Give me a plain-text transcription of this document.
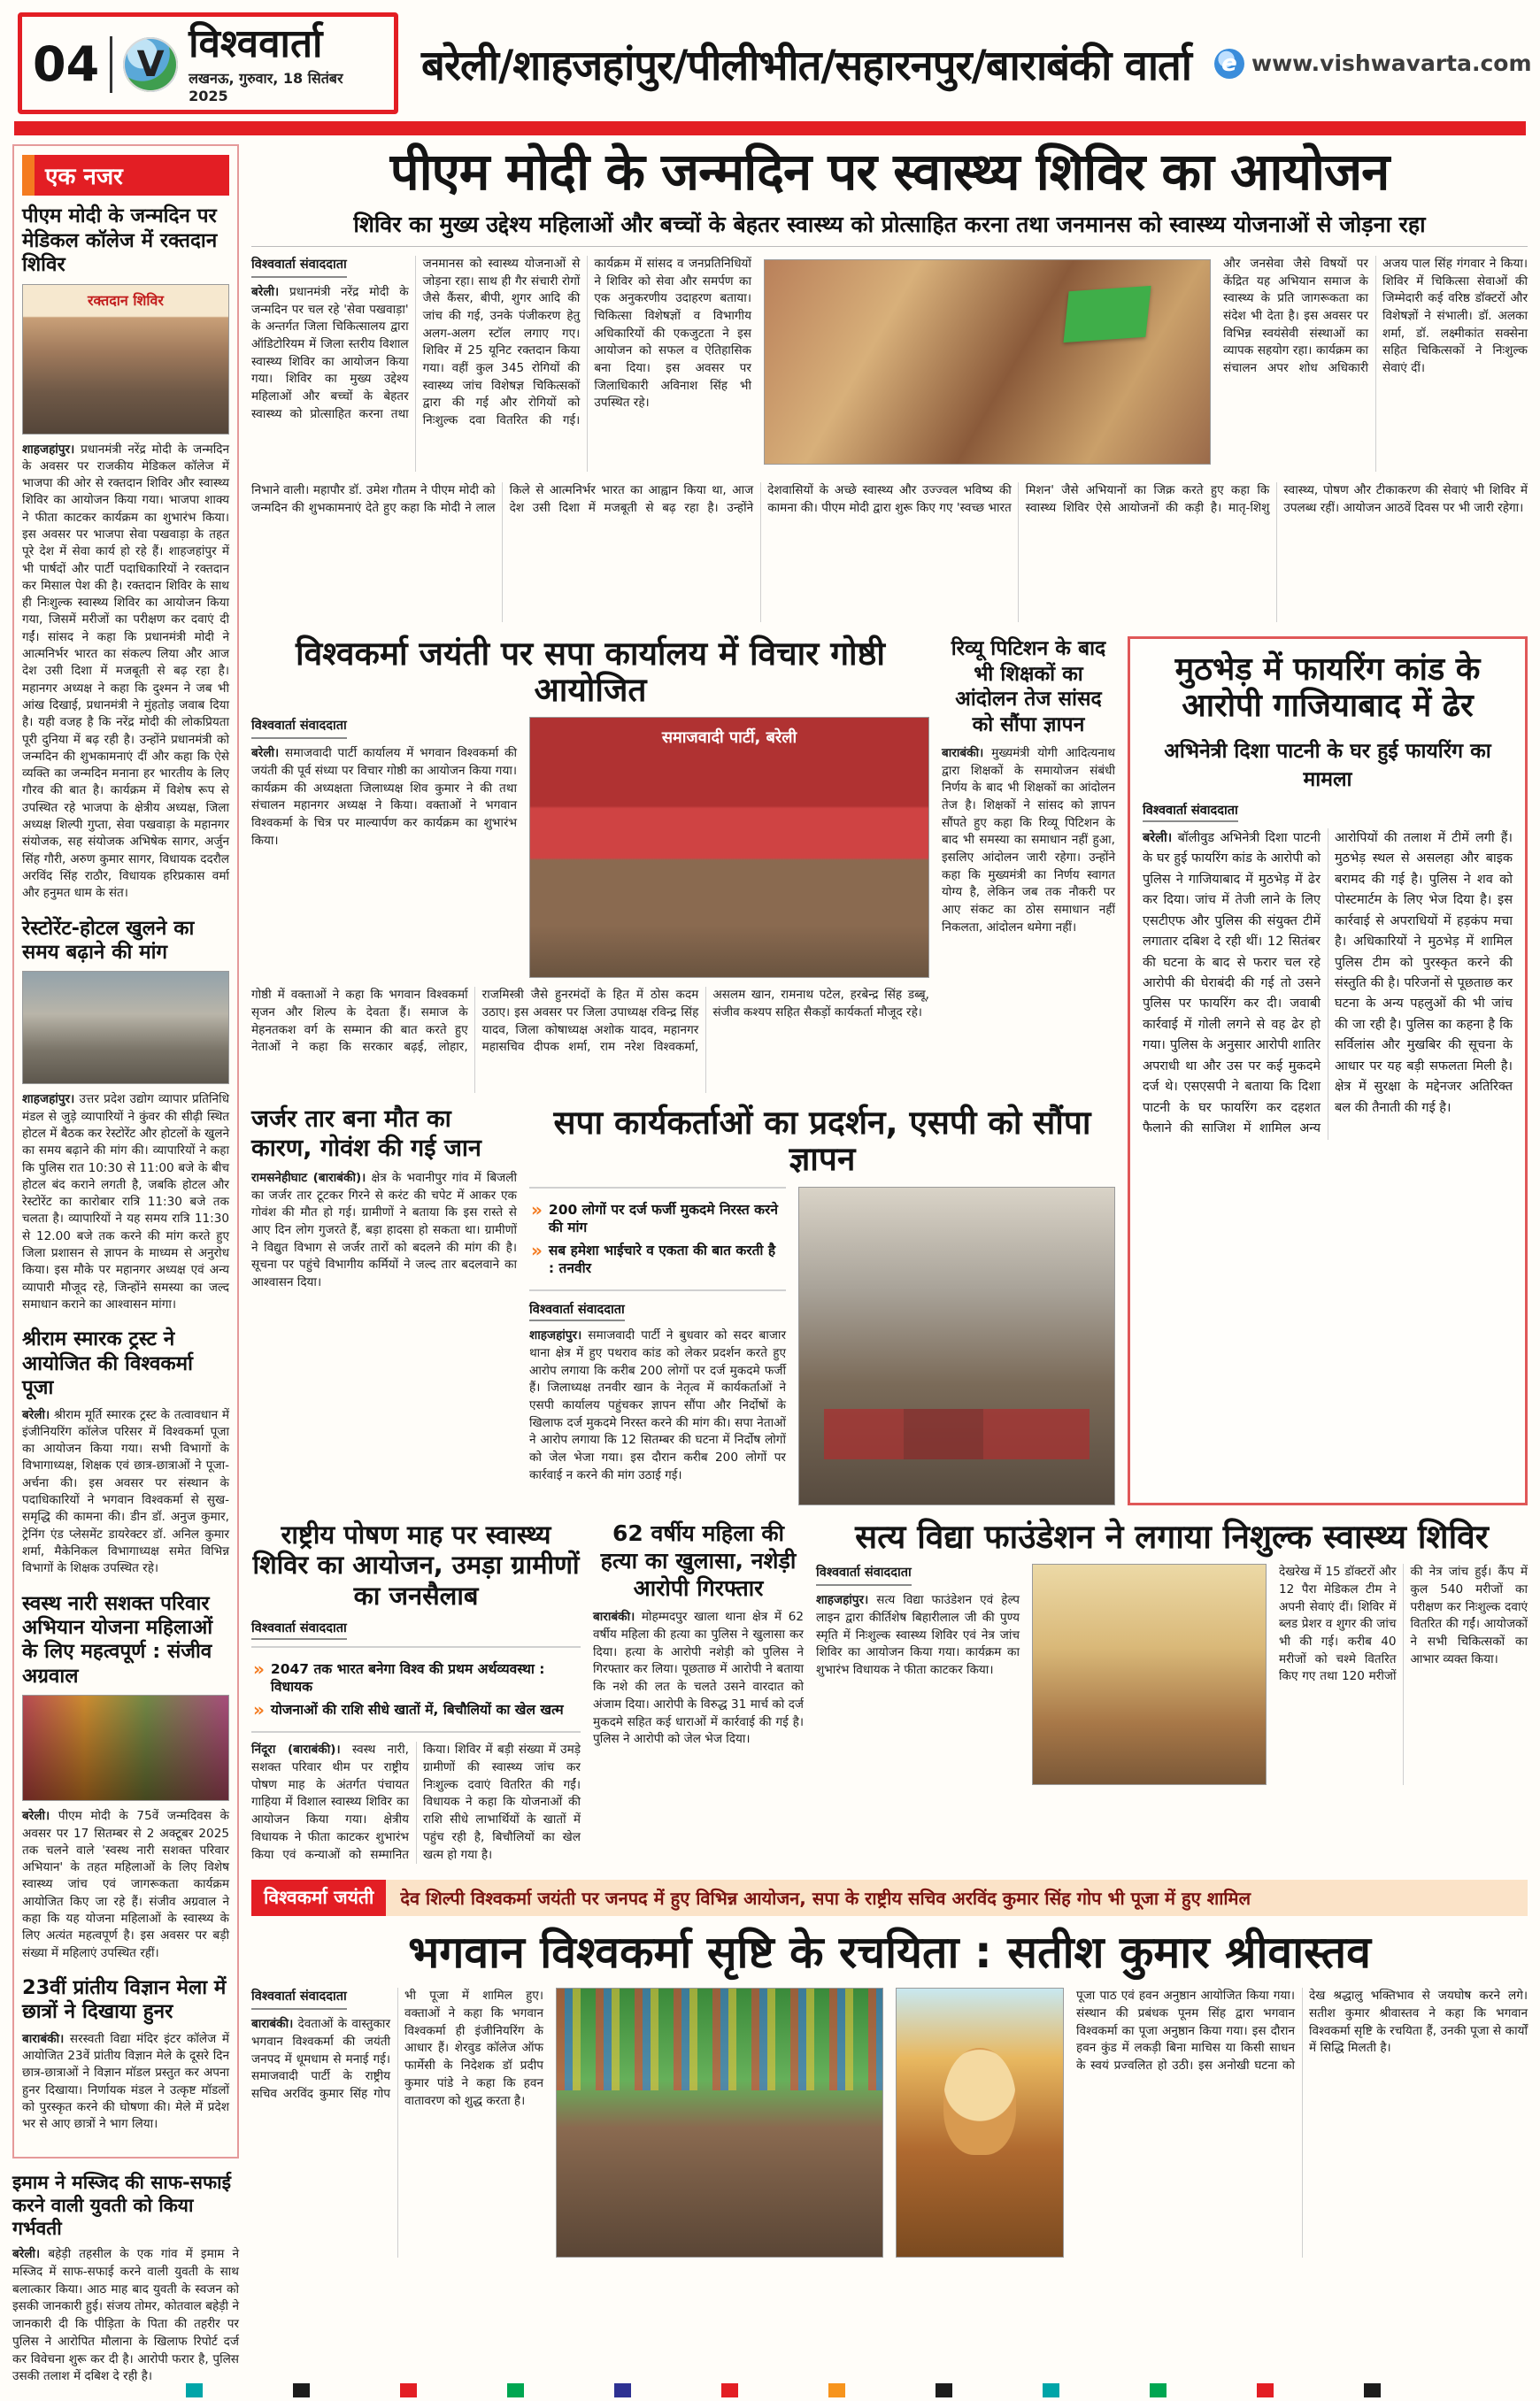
04 V विश्ववार्ता
लखनऊ, गुरुवार, 18 सितंबर 2025
बरेली/शाहजहांपुर/पीलीभीत/सहारनपुर/बाराबंकी वार्ता e	www.vishwavarta.com
एक नजर
पीएम मोदी के जन्मदिन पर मेडिकल कॉलेज में रक्तदान शिविर
रक्तदान शिविर
शाहजहांपुर। प्रधानमंत्री नरेंद्र मोदी के जन्मदिन के अवसर पर राजकीय मेडिकल कॉलेज में भाजपा की ओर से रक्तदान शिविर और स्वास्थ्य शिविर का आयोजन किया गया। भाजपा शाक्य ने फीता काटकर कार्यक्रम का शुभारंभ किया। इस अवसर पर भाजपा सेवा पखवाड़ा के तहत पूरे देश में सेवा कार्य हो रहे हैं। शाहजहांपुर में भी पार्षदों और पार्टी पदाधिकारियों ने रक्तदान कर मिसाल पेश की है। रक्तदान शिविर के साथ ही निःशुल्क स्वास्थ्य शिविर का आयोजन किया गया, जिसमें मरीजों का परीक्षण कर दवाएं दी गईं। सांसद ने कहा कि प्रधानमंत्री मोदी ने आत्मनिर्भर भारत का संकल्प लिया और आज देश उसी दिशा में मजबूती से बढ़ रहा है। महानगर अध्यक्ष ने कहा कि दुश्मन ने जब भी आंख दिखाई, प्रधानमंत्री ने मुंहतोड़ जवाब दिया है। यही वजह है कि नरेंद्र मोदी की लोकप्रियता पूरी दुनिया में बढ़ रही है। उन्होंने प्रधानमंत्री को जन्मदिन की शुभकामनाएं दीं और कहा कि ऐसे व्यक्ति का जन्मदिन मनाना हर भारतीय के लिए गौरव की बात है। कार्यक्रम में विशेष रूप से उपस्थित रहे भाजपा के क्षेत्रीय अध्यक्ष, जिला अध्यक्ष शिल्पी गुप्ता, सेवा पखवाड़ा के महानगर संयोजक, सह संयोजक अभिषेक सागर, अर्जुन सिंह गौरी, अरुण कुमार सागर, विधायक ददरौल अरविंद सिंह राठौर, विधायक हरिप्रकास वर्मा और हनुमत धाम के संत।
रेस्टोरेंट-होटल खुलने का समय बढ़ाने की मांग
शाहजहांपुर। उत्तर प्रदेश उद्योग व्यापार प्रतिनिधि मंडल से जुड़े व्यापारियों ने कुंवर की सीढ़ी स्थित होटल में बैठक कर रेस्टोरेंट और होटलों के खुलने का समय बढ़ाने की मांग की। व्यापारियों ने कहा कि पुलिस रात 10:30 से 11:00 बजे के बीच होटल बंद कराने लगती है, जबकि होटल और रेस्टोरेंट का कारोबार रात्रि 11:30 बजे तक चलता है। व्यापारियों ने यह समय रात्रि 11:30 से 12.00 बजे तक करने की मांग करते हुए जिला प्रशासन से ज्ञापन के माध्यम से अनुरोध किया। इस मौके पर महानगर अध्यक्ष एवं अन्य व्यापारी मौजूद रहे, जिन्होंने समस्या का जल्द समाधान कराने का आश्वासन मांगा।
श्रीराम स्मारक ट्रस्ट ने आयोजित की विश्वकर्मा पूजा
बरेली। श्रीराम मूर्ति स्मारक ट्रस्ट के तत्वावधान में इंजीनियरिंग कॉलेज परिसर में विश्वकर्मा पूजा का आयोजन किया गया। सभी विभागों के विभागाध्यक्ष, शिक्षक एवं छात्र-छात्राओं ने पूजा-अर्चना की। इस अवसर पर संस्थान के पदाधिकारियों ने भगवान विश्वकर्मा से सुख-समृद्धि की कामना की। डीन डॉ. अनुज कुमार, ट्रेनिंग एंड प्लेसमेंट डायरेक्टर डॉ. अनिल कुमार शर्मा, मैकेनिकल विभागाध्यक्ष समेत विभिन्न विभागों के शिक्षक उपस्थित रहे।
स्वस्थ नारी सशक्त परिवार अभियान योजना महिलाओं के लिए महत्वपूर्ण : संजीव अग्रवाल
बरेली। पीएम मोदी के 75वें जन्मदिवस के अवसर पर 17 सितम्बर से 2 अक्टूबर 2025 तक चलने वाले 'स्वस्थ नारी सशक्त परिवार अभियान' के तहत महिलाओं के लिए विशेष स्वास्थ्य जांच एवं जागरूकता कार्यक्रम आयोजित किए जा रहे हैं। संजीव अग्रवाल ने कहा कि यह योजना महिलाओं के स्वास्थ्य के लिए अत्यंत महत्वपूर्ण है। इस अवसर पर बड़ी संख्या में महिलाएं उपस्थित रहीं।
23वीं प्रांतीय विज्ञान मेला में छात्रों ने दिखाया हुनर
बाराबंकी। सरस्वती विद्या मंदिर इंटर कॉलेज में आयोजित 23वें प्रांतीय विज्ञान मेले के दूसरे दिन छात्र-छात्राओं ने विज्ञान मॉडल प्रस्तुत कर अपना हुनर दिखाया। निर्णायक मंडल ने उत्कृष्ट मॉडलों को पुरस्कृत करने की घोषणा की। मेले में प्रदेश भर से आए छात्रों ने भाग लिया।
इमाम ने मस्जिद की साफ-सफाई करने वाली युवती को किया गर्भवती
बरेली। बहेड़ी तहसील के एक गांव में इमाम ने मस्जिद में साफ-सफाई करने वाली युवती के साथ बलात्कार किया। आठ माह बाद युवती के स्वजन को इसकी जानकारी हुई। संजय तोमर, कोतवाल बहेड़ी ने जानकारी दी कि पीड़िता के पिता की तहरीर पर पुलिस ने आरोपित मौलाना के खिलाफ रिपोर्ट दर्ज कर विवेचना शुरू कर दी है। आरोपी फरार है, पुलिस उसकी तलाश में दबिश दे रही है।
पीएम मोदी के जन्मदिन पर स्वास्थ्य शिविर का आयोजन
शिविर का मुख्य उद्देश्य महिलाओं और बच्चों के बेहतर स्वास्थ्य को प्रोत्साहित करना तथा जनमानस को स्वास्थ्य योजनाओं से जोड़ना रहा
विश्ववार्ता संवाददाता
बरेली। प्रधानमंत्री नरेंद्र मोदी के जन्मदिन पर चल रहे 'सेवा पखवाड़ा' के अन्तर्गत जिला चिकित्सालय द्वारा ऑडिटोरियम में जिला स्तरीय विशाल स्वास्थ्य शिविर का आयोजन किया गया। शिविर का मुख्य उद्देश्य महिलाओं और बच्चों के बेहतर स्वास्थ्य को प्रोत्साहित करना तथा जनमानस को स्वास्थ्य योजनाओं से जोड़ना रहा। साथ ही गैर संचारी रोगों जैसे कैंसर, बीपी, शुगर आदि की जांच की गई, उनके पंजीकरण हेतु अलग-अलग स्टॉल लगाए गए। शिविर में 25 यूनिट रक्तदान किया गया। वहीं कुल 345 रोगियों की स्वास्थ्य जांच विशेषज्ञ चिकित्सकों द्वारा की गई और रोगियों को निःशुल्क दवा वितरित की गई। कार्यक्रम में सांसद व जनप्रतिनिधियों ने शिविर को सेवा और समर्पण का एक अनुकरणीय उदाहरण बताया। चिकित्सा विशेषज्ञों व विभागीय अधिकारियों की एकजुटता ने इस आयोजन को सफल व ऐतिहासिक बना दिया। इस अवसर पर जिलाधिकारी अविनाश सिंह भी उपस्थित रहे।
और जनसेवा जैसे विषयों पर केंद्रित यह अभियान समाज के स्वास्थ्य के प्रति जागरूकता का संदेश भी देता है। इस अवसर पर विभिन्न स्वयंसेवी संस्थाओं का व्यापक सहयोग रहा। कार्यक्रम का संचालन अपर शोध अधिकारी अजय पाल सिंह गंगवार ने किया। शिविर में चिकित्सा सेवाओं की जिम्मेदारी कई वरिष्ठ डॉक्टरों और विशेषज्ञों ने संभाली। डॉ. अलका शर्मा, डॉ. लक्ष्मीकांत सक्सेना सहित चिकित्सकों ने निःशुल्क सेवाएं दीं।
निभाने वाली। महापौर डॉ. उमेश गौतम ने पीएम मोदी को जन्मदिन की शुभकामनाएं देते हुए कहा कि मोदी ने लाल किले से आत्मनिर्भर भारत का आह्वान किया था, आज देश उसी दिशा में मजबूती से बढ़ रहा है। उन्होंने देशवासियों के अच्छे स्वास्थ्य और उज्ज्वल भविष्य की कामना की। पीएम मोदी द्वारा शुरू किए गए 'स्वच्छ भारत मिशन' जैसे अभियानों का जिक्र करते हुए कहा कि स्वास्थ्य शिविर ऐसे आयोजनों की कड़ी है। मातृ-शिशु स्वास्थ्य, पोषण और टीकाकरण की सेवाएं भी शिविर में उपलब्ध रहीं। आयोजन आठवें दिवस पर भी जारी रहेगा।
विश्वकर्मा जयंती पर सपा कार्यालय में विचार गोष्ठी आयोजित
विश्ववार्ता संवाददाता
बरेली। समाजवादी पार्टी कार्यालय में भगवान विश्वकर्मा की जयंती की पूर्व संध्या पर विचार गोष्ठी का आयोजन किया गया। कार्यक्रम की अध्यक्षता जिलाध्यक्ष शिव कुमार ने की तथा संचालन महानगर अध्यक्ष ने किया। वक्ताओं ने भगवान विश्वकर्मा के चित्र पर माल्यार्पण कर कार्यक्रम का शुभारंभ किया।
समाजवादी पार्टी, बरेली
गोष्ठी में वक्ताओं ने कहा कि भगवान विश्वकर्मा सृजन और शिल्प के देवता हैं। समाज के मेहनतकश वर्ग के सम्मान की बात करते हुए नेताओं ने कहा कि सरकार बढ़ई, लोहार, राजमिस्त्री जैसे हुनरमंदों के हित में ठोस कदम उठाए। इस अवसर पर जिला उपाध्यक्ष रविन्द्र सिंह यादव, जिला कोषाध्यक्ष अशोक यादव, महानगर महासचिव दीपक शर्मा, राम नरेश विश्वकर्मा, असलम खान, रामनाथ पटेल, हरबेन्द्र सिंह डब्बू, संजीव कश्यप सहित सैकड़ों कार्यकर्ता मौजूद रहे।
रिव्यू पिटिशन के बाद भी शिक्षकों का आंदोलन तेज सांसद को सौंपा ज्ञापन
बाराबंकी। मुख्यमंत्री योगी आदित्यनाथ द्वारा शिक्षकों के समायोजन संबंधी निर्णय के बाद भी शिक्षकों का आंदोलन तेज है। शिक्षकों ने सांसद को ज्ञापन सौंपते हुए कहा कि रिव्यू पिटिशन के बाद भी समस्या का समाधान नहीं हुआ, इसलिए आंदोलन जारी रहेगा। उन्होंने कहा कि मुख्यमंत्री का निर्णय स्वागत योग्य है, लेकिन जब तक नौकरी पर आए संकट का ठोस समाधान नहीं निकलता, आंदोलन थमेगा नहीं।
जर्जर तार बना मौत का कारण, गोवंश की गई जान
रामसनेहीघाट (बाराबंकी)। क्षेत्र के भवानीपुर गांव में बिजली का जर्जर तार टूटकर गिरने से करंट की चपेट में आकर एक गोवंश की मौत हो गई। ग्रामीणों ने बताया कि इस रास्ते से आए दिन लोग गुजरते हैं, बड़ा हादसा हो सकता था। ग्रामीणों ने विद्युत विभाग से जर्जर तारों को बदलने की मांग की है। सूचना पर पहुंचे विभागीय कर्मियों ने जल्द तार बदलवाने का आश्वासन दिया।
सपा कार्यकर्ताओं का प्रदर्शन, एसपी को सौंपा ज्ञापन
» 200 लोगों पर दर्ज फर्जी मुकदमे निरस्त करने की मांग
» सब हमेशा भाईचारे व एकता की बात करती है : तनवीर
विश्ववार्ता संवाददाता
शाहजहांपुर। समाजवादी पार्टी ने बुधवार को सदर बाजार थाना क्षेत्र में हुए पथराव कांड को लेकर प्रदर्शन करते हुए आरोप लगाया कि करीब 200 लोगों पर दर्ज मुकदमे फर्जी हैं। जिलाध्यक्ष तनवीर खान के नेतृत्व में कार्यकर्ताओं ने एसपी कार्यालय पहुंचकर ज्ञापन सौंपा और निर्दोषों के खिलाफ दर्ज मुकदमे निरस्त करने की मांग की। सपा नेताओं ने आरोप लगाया कि 12 सितम्बर की घटना में निर्दोष लोगों को जेल भेजा गया। इस दौरान करीब 200 लोगों पर कार्रवाई न करने की मांग उठाई गई।
मुठभेड़ में फायरिंग कांड के आरोपी गाजियाबाद में ढेर
अभिनेत्री दिशा पाटनी के घर हुई फायरिंग का मामला
विश्ववार्ता संवाददाता
बरेली। बॉलीवुड अभिनेत्री दिशा पाटनी के घर हुई फायरिंग कांड के आरोपी को पुलिस ने गाजियाबाद में मुठभेड़ में ढेर कर दिया। जांच में तेजी लाने के लिए एसटीएफ और पुलिस की संयुक्त टीमें लगातार दबिश दे रही थीं। 12 सितंबर की घटना के बाद से फरार चल रहे आरोपी की घेराबंदी की गई तो उसने पुलिस पर फायरिंग कर दी। जवाबी कार्रवाई में गोली लगने से वह ढेर हो गया। पुलिस के अनुसार आरोपी शातिर अपराधी था और उस पर कई मुकदमे दर्ज थे। एसएसपी ने बताया कि दिशा पाटनी के घर फायरिंग कर दहशत फैलाने की साजिश में शामिल अन्य आरोपियों की तलाश में टीमें लगी हैं। मुठभेड़ स्थल से असलहा और बाइक बरामद की गई है। पुलिस ने शव को पोस्टमार्टम के लिए भेज दिया है। इस कार्रवाई से अपराधियों में हड़कंप मचा है। अधिकारियों ने मुठभेड़ में शामिल पुलिस टीम को पुरस्कृत करने की संस्तुति की है। परिजनों से पूछताछ कर घटना के अन्य पहलुओं की भी जांच की जा रही है। पुलिस का कहना है कि सर्विलांस और मुखबिर की सूचना के आधार पर यह बड़ी सफलता मिली है। क्षेत्र में सुरक्षा के मद्देनजर अतिरिक्त बल की तैनाती की गई है।
राष्ट्रीय पोषण माह पर स्वास्थ्य शिविर का आयोजन, उमड़ा ग्रामीणों का जनसैलाब
विश्ववार्ता संवाददाता
» 2047 तक भारत बनेगा विश्व की प्रथम अर्थव्यवस्था : विधायक
» योजनाओं की राशि सीधे खातों में, बिचौलियों का खेल खत्म
निंदूरा (बाराबंकी)। स्वस्थ नारी, सशक्त परिवार थीम पर राष्ट्रीय पोषण माह के अंतर्गत पंचायत गाहिया में विशाल स्वास्थ्य शिविर का आयोजन किया गया। क्षेत्रीय विधायक ने फीता काटकर शुभारंभ किया एवं कन्याओं को सम्मानित किया। शिविर में बड़ी संख्या में उमड़े ग्रामीणों की स्वास्थ्य जांच कर निःशुल्क दवाएं वितरित की गईं। विधायक ने कहा कि योजनाओं की राशि सीधे लाभार्थियों के खातों में पहुंच रही है, बिचौलियों का खेल खत्म हो गया है।
62 वर्षीय महिला की हत्या का खुलासा, नशेड़ी आरोपी गिरफ्तार
बाराबंकी। मोहम्मदपुर खाला थाना क्षेत्र में 62 वर्षीय महिला की हत्या का पुलिस ने खुलासा कर दिया। हत्या के आरोपी नशेड़ी को पुलिस ने गिरफ्तार कर लिया। पूछताछ में आरोपी ने बताया कि नशे की लत के चलते उसने वारदात को अंजाम दिया। आरोपी के विरुद्ध 31 मार्च को दर्ज मुकदमे सहित कई धाराओं में कार्रवाई की गई है। पुलिस ने आरोपी को जेल भेज दिया।
सत्य विद्या फाउंडेशन ने लगाया निशुल्क स्वास्थ्य शिविर
विश्ववार्ता संवाददाता
शाहजहांपुर। सत्य विद्या फाउंडेशन एवं हेल्प लाइन द्वारा कीर्तिशेष बिहारीलाल जी की पुण्य स्मृति में निःशुल्क स्वास्थ्य शिविर एवं नेत्र जांच शिविर का आयोजन किया गया। कार्यक्रम का शुभारंभ विधायक ने फीता काटकर किया।
देखरेख में 15 डॉक्टरों और 12 पैरा मेडिकल टीम ने अपनी सेवाएं दीं। शिविर में ब्लड प्रेशर व शुगर की जांच भी की गई। करीब 40 मरीजों को चश्मे वितरित किए गए तथा 120 मरीजों की नेत्र जांच हुई। कैंप में कुल 540 मरीजों का परीक्षण कर निःशुल्क दवाएं वितरित की गईं। आयोजकों ने सभी चिकित्सकों का आभार व्यक्त किया।
विश्वकर्मा जयंती	देव शिल्पी विश्वकर्मा जयंती पर जनपद में हुए विभिन्न आयोजन, सपा के राष्ट्रीय सचिव अरविंद कुमार सिंह गोप भी पूजा में हुए शामिल
भगवान विश्वकर्मा सृष्टि के रचयिता : सतीश कुमार श्रीवास्तव
विश्ववार्ता संवाददाता
बाराबंकी। देवताओं के वास्तुकार भगवान विश्वकर्मा की जयंती जनपद में धूमधाम से मनाई गई। समाजवादी पार्टी के राष्ट्रीय सचिव अरविंद कुमार सिंह गोप भी पूजा में शामिल हुए। वक्ताओं ने कहा कि भगवान विश्वकर्मा ही इंजीनियरिंग के आधार हैं। शेरवुड कॉलेज ऑफ फार्मेसी के निदेशक डॉ प्रदीप कुमार पांडे ने कहा कि हवन वातावरण को शुद्ध करता है।
पूजा पाठ एवं हवन अनुष्ठान आयोजित किया गया। संस्थान की प्रबंधक पूनम सिंह द्वारा भगवान विश्वकर्मा का पूजा अनुष्ठान किया गया। इस दौरान हवन कुंड में लकड़ी बिना माचिस या किसी साधन के स्वयं प्रज्वलित हो उठी। इस अनोखी घटना को देख श्रद्धालु भक्तिभाव से जयघोष करने लगे। सतीश कुमार श्रीवास्तव ने कहा कि भगवान विश्वकर्मा सृष्टि के रचयिता हैं, उनकी पूजा से कार्यों में सिद्धि मिलती है।
